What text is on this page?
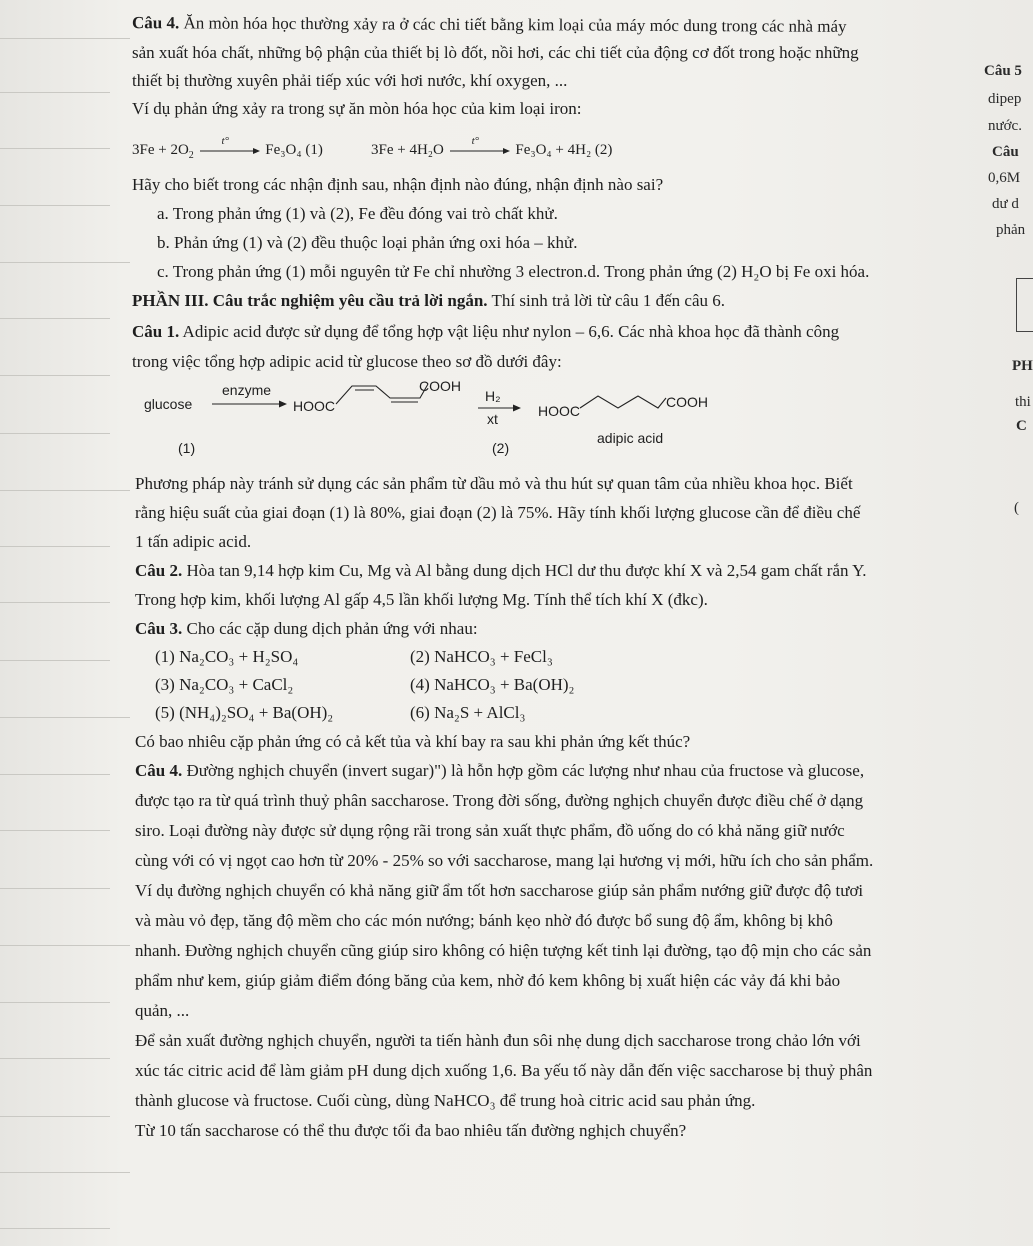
Câu 4. Ăn mòn hóa học thường xảy ra ở các chi tiết bằng kim loại của máy móc dung trong các nhà máy
sản xuất hóa chất, những bộ phận của thiết bị lò đốt, nồi hơi, các chi tiết của động cơ đốt trong hoặc những
thiết bị thường xuyên phải tiếp xúc với hơi nước, khí oxygen, ...
Ví dụ phản ứng xảy ra trong sự ăn mòn hóa học của kim loại iron:
$3Fe + 2O_2$
t°
Fe₃O₄ (1)	3Fe + 4H₂O
t°
Fe₃O₄ + 4H₂ (2)
Hãy cho biết trong các nhận định sau, nhận định nào đúng, nhận định nào sai?
a. Trong phản ứng (1) và (2), Fe đều đóng vai trò chất khử.
b. Phản ứng (1) và (2) đều thuộc loại phản ứng oxi hóa – khử.
c. Trong phản ứng (1) mỗi nguyên tử Fe chỉ nhường 3 electron.d. Trong phản ứng (2) H₂O bị Fe oxi hóa.
PHẦN III. Câu trắc nghiệm yêu cầu trả lời ngắn. Thí sinh trả lời từ câu 1 đến câu 6.
Câu 1. Adipic acid được sử dụng để tổng hợp vật liệu như nylon – 6,6. Các nhà khoa học đã thành công
trong việc tổng hợp adipic acid từ glucose theo sơ đồ dưới đây:
glucose
enzyme
HOOC
COOH
H₂
xt	HOOC
COOH
adipic acid
(1)	(2)
Phương pháp này tránh sử dụng các sản phẩm từ dầu mỏ và thu hút sự quan tâm của nhiều khoa học. Biết
rằng hiệu suất của giai đoạn (1) là 80%, giai đoạn (2) là 75%. Hãy tính khối lượng glucose cần để điều chế
1 tấn adipic acid.
Câu 2. Hòa tan 9,14 hợp kim Cu, Mg và Al bằng dung dịch HCl dư thu được khí X và 2,54 gam chất rắn Y.
Trong hợp kim, khối lượng Al gấp 4,5 lần khối lượng Mg. Tính thể tích khí X (đkc).
Câu 3. Cho các cặp dung dịch phản ứng với nhau:
(1) Na₂CO₃ + H₂SO₄	(2) NaHCO₃ + FeCl₃
(3) Na₂CO₃ + CaCl₂	(4) NaHCO₃ + Ba(OH)₂
(5) (NH₄)₂SO₄ + Ba(OH)₂	(6) Na₂S + AlCl₃
Có bao nhiêu cặp phản ứng có cả kết tủa và khí bay ra sau khi phản ứng kết thúc?
Câu 4. Đường nghịch chuyển (invert sugar)") là hỗn hợp gồm các lượng như nhau của fructose và glucose,
được tạo ra từ quá trình thuỷ phân saccharose. Trong đời sống, đường nghịch chuyển được điều chế ở dạng
siro. Loại đường này được sử dụng rộng rãi trong sản xuất thực phẩm, đồ uống do có khả năng giữ nước
cùng với có vị ngọt cao hơn từ 20% - 25% so với saccharose, mang lại hương vị mới, hữu ích cho sản phẩm.
Ví dụ đường nghịch chuyển có khả năng giữ ẩm tốt hơn saccharose giúp sản phẩm nướng giữ được độ tươi
và màu vỏ đẹp, tăng độ mềm cho các món nướng; bánh kẹo nhờ đó được bổ sung độ ẩm, không bị khô
nhanh. Đường nghịch chuyển cũng giúp siro không có hiện tượng kết tinh lại đường, tạo độ mịn cho các sản
phẩm như kem, giúp giảm điểm đóng băng của kem, nhờ đó kem không bị xuất hiện các vảy đá khi bảo
quản, ...
Để sản xuất đường nghịch chuyển, người ta tiến hành đun sôi nhẹ dung dịch saccharose trong chảo lớn với
xúc tác citric acid để làm giảm pH dung dịch xuống 1,6. Ba yếu tố này dẫn đến việc saccharose bị thuỷ phân
thành glucose và fructose. Cuối cùng, dùng NaHCO₃ để trung hoà citric acid sau phản ứng.
Từ 10 tấn saccharose có thể thu được tối đa bao nhiêu tấn đường nghịch chuyển?
Câu 5
dipep
nước.
Câu
0,6M
dư d
phản
PH
thi
C
(
